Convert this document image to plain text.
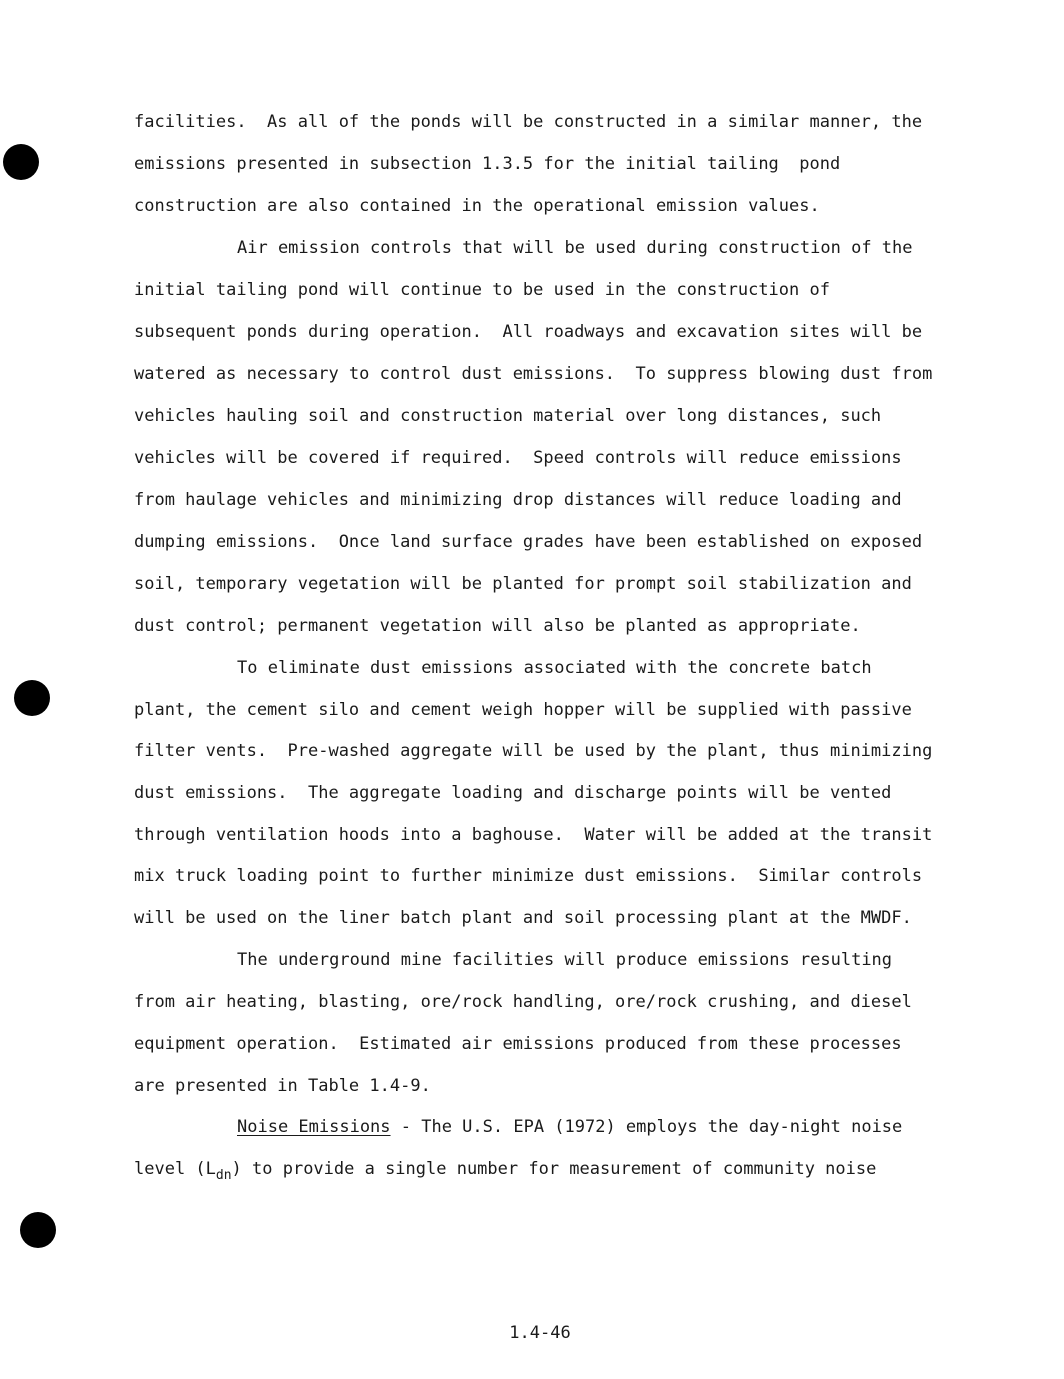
facilities.  As all of the ponds will be constructed in a similar manner, the
emissions presented in subsection 1.3.5 for the initial tailing  pond
construction are also contained in the operational emission values.
Air emission controls that will be used during construction of the
initial tailing pond will continue to be used in the construction of
subsequent ponds during operation.  All roadways and excavation sites will be
watered as necessary to control dust emissions.  To suppress blowing dust from
vehicles hauling soil and construction material over long distances, such
vehicles will be covered if required.  Speed controls will reduce emissions
from haulage vehicles and minimizing drop distances will reduce loading and
dumping emissions.  Once land surface grades have been established on exposed
soil, temporary vegetation will be planted for prompt soil stabilization and
dust control; permanent vegetation will also be planted as appropriate.
To eliminate dust emissions associated with the concrete batch
plant, the cement silo and cement weigh hopper will be supplied with passive
filter vents.  Pre-washed aggregate will be used by the plant, thus minimizing
dust emissions.  The aggregate loading and discharge points will be vented
through ventilation hoods into a baghouse.  Water will be added at the transit
mix truck loading point to further minimize dust emissions.  Similar controls
will be used on the liner batch plant and soil processing plant at the MWDF.
The underground mine facilities will produce emissions resulting
from air heating, blasting, ore/rock handling, ore/rock crushing, and diesel
equipment operation.  Estimated air emissions produced from these processes
are presented in Table 1.4-9.
Noise Emissions - The U.S. EPA (1972) employs the day-night noise
level $(L_{dn})$ to provide a single number for measurement of community noise
1.4-46
